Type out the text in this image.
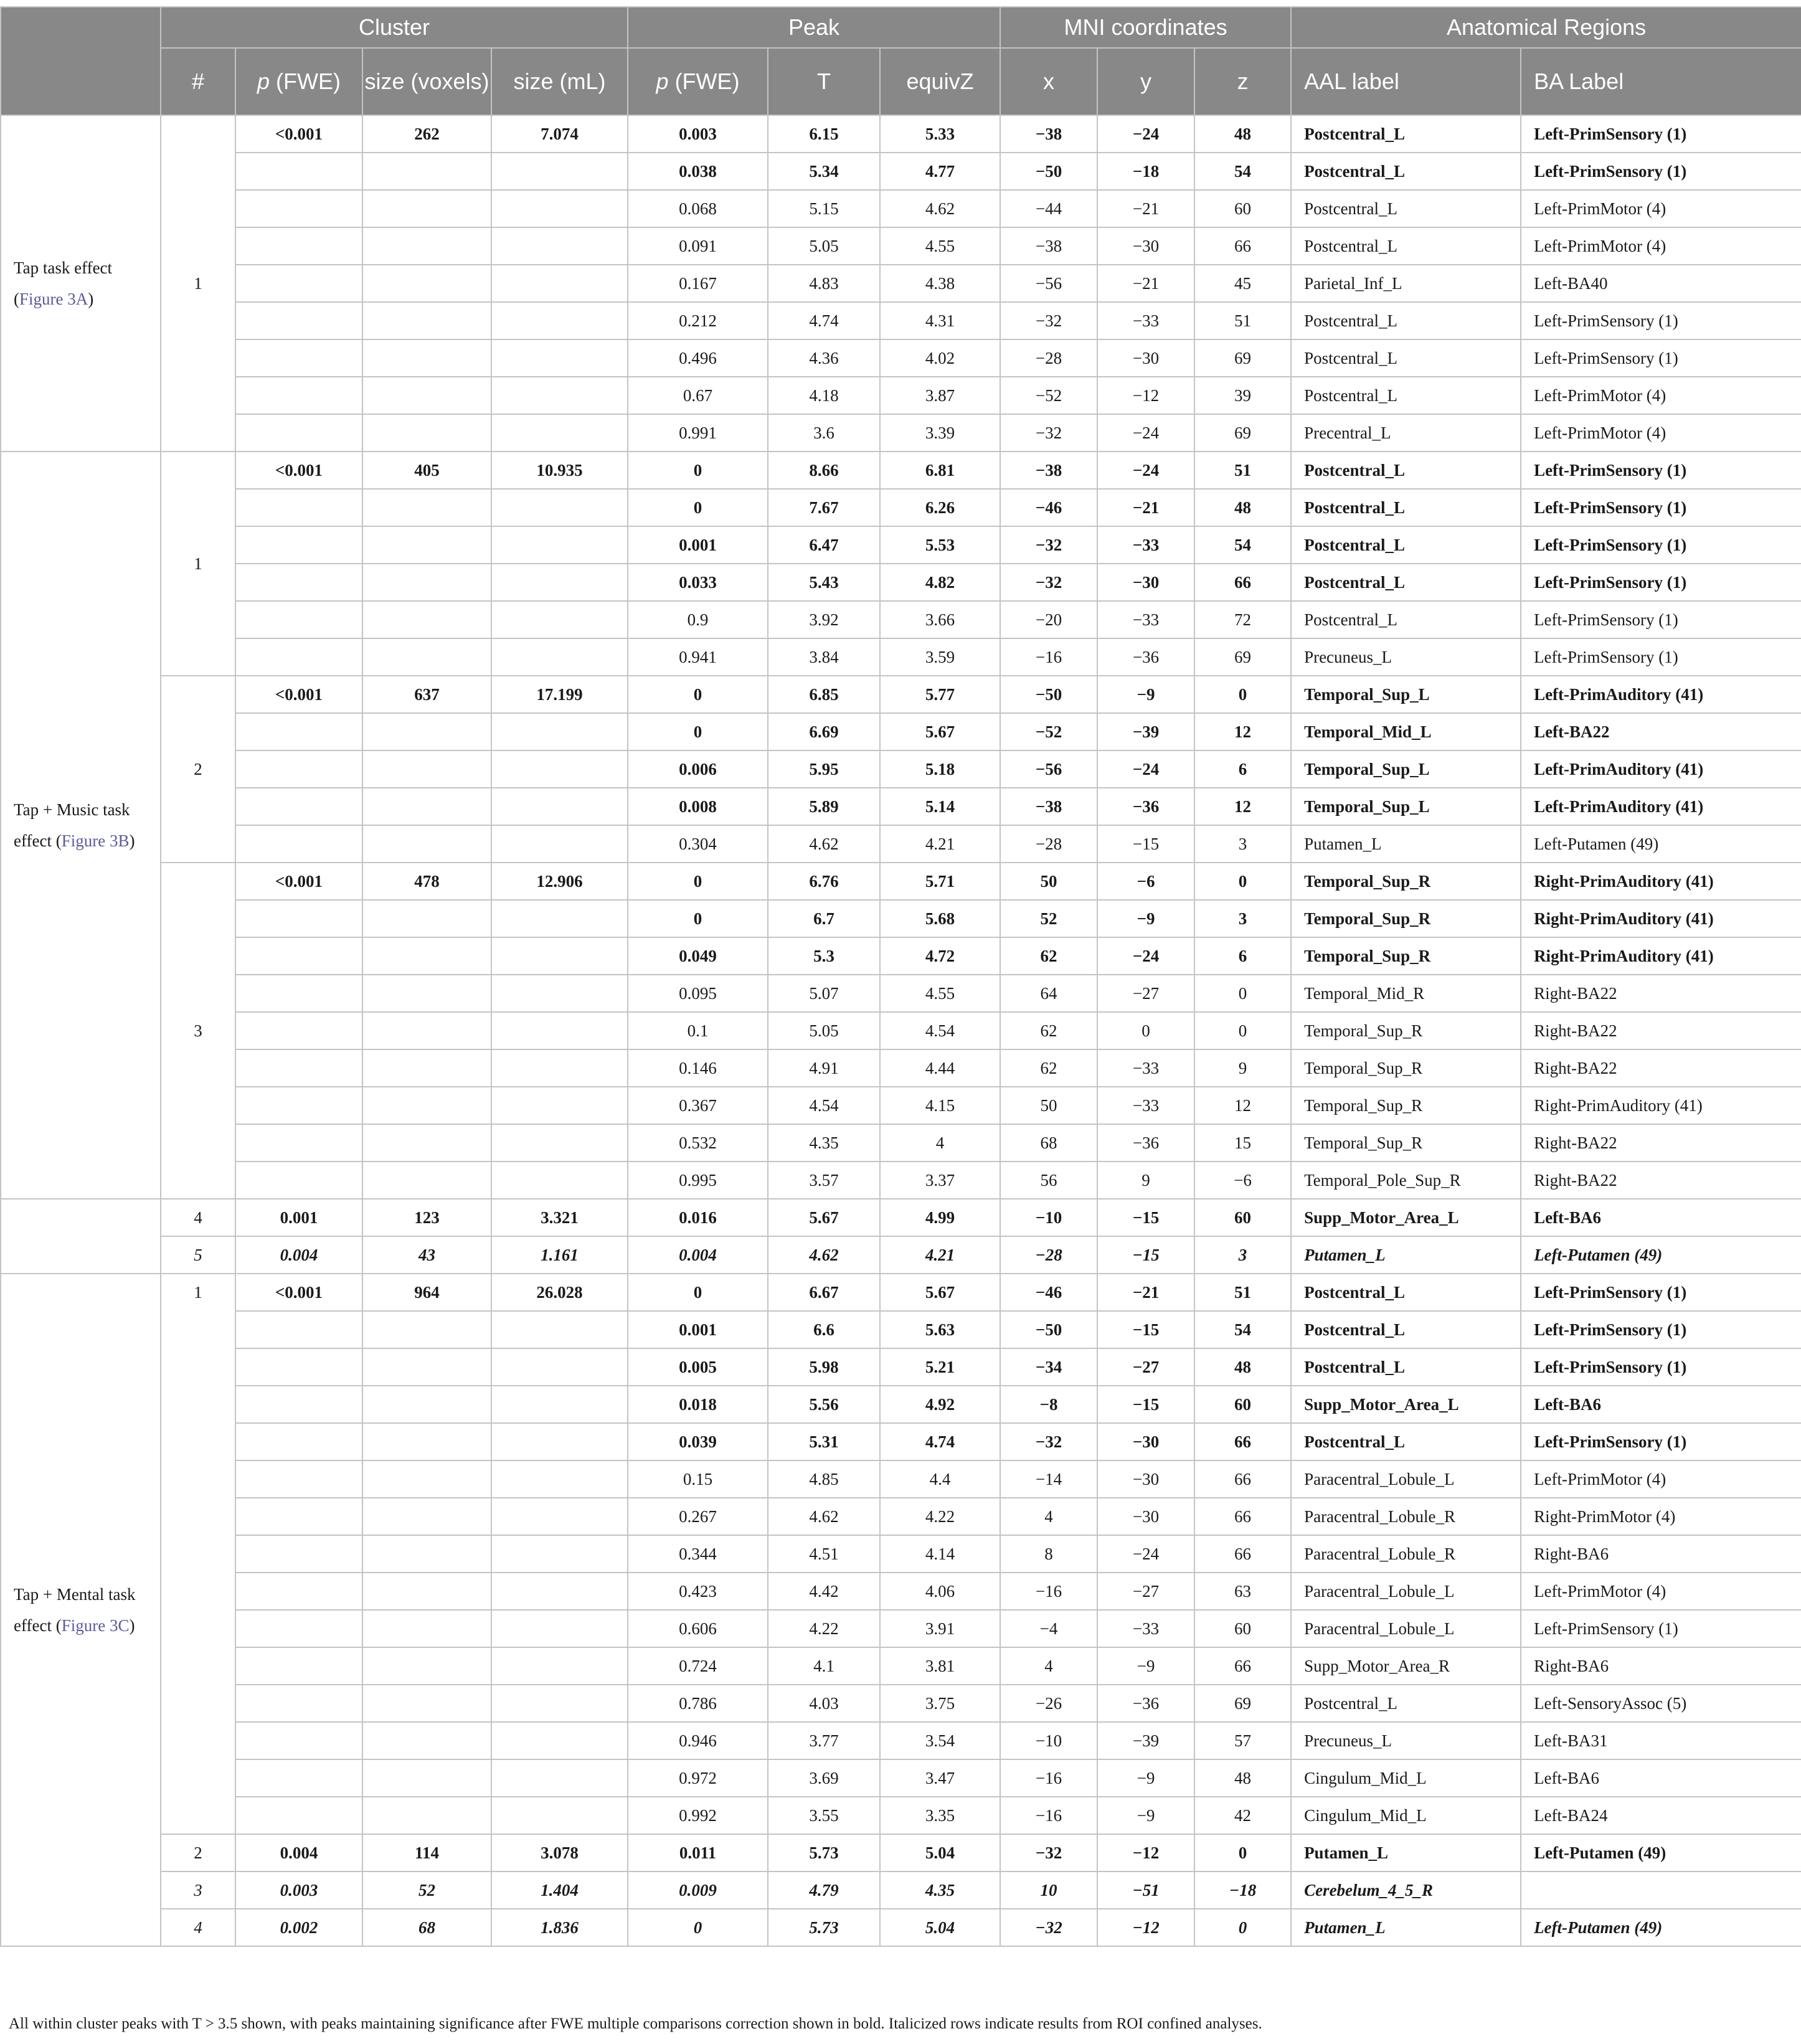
	Cluster				Peak			MNI coordinates			Anatomical Regions	
	#	p (FWE)	size (voxels)	size (mL)	p (FWE)	T	equivZ	x	y	z	AAL label	BA Label
Tap task effect (Figure 3A)	1	<0.001	262	7.074	0.003	6.15	5.33	−38	−24	48	Postcentral_L	Left-PrimSensory (1)
					0.038	5.34	4.77	−50	−18	54	Postcentral_L	Left-PrimSensory (1)
					0.068	5.15	4.62	−44	−21	60	Postcentral_L	Left-PrimMotor (4)
					0.091	5.05	4.55	−38	−30	66	Postcentral_L	Left-PrimMotor (4)
					0.167	4.83	4.38	−56	−21	45	Parietal_Inf_L	Left-BA40
					0.212	4.74	4.31	−32	−33	51	Postcentral_L	Left-PrimSensory (1)
					0.496	4.36	4.02	−28	−30	69	Postcentral_L	Left-PrimSensory (1)
					0.67	4.18	3.87	−52	−12	39	Postcentral_L	Left-PrimMotor (4)
					0.991	3.6	3.39	−32	−24	69	Precentral_L	Left-PrimMotor (4)
Tap + Music task effect (Figure 3B)	1	<0.001	405	10.935	0	8.66	6.81	−38	−24	51	Postcentral_L	Left-PrimSensory (1)
					0	7.67	6.26	−46	−21	48	Postcentral_L	Left-PrimSensory (1)
					0.001	6.47	5.53	−32	−33	54	Postcentral_L	Left-PrimSensory (1)
					0.033	5.43	4.82	−32	−30	66	Postcentral_L	Left-PrimSensory (1)
					0.9	3.92	3.66	−20	−33	72	Postcentral_L	Left-PrimSensory (1)
					0.941	3.84	3.59	−16	−36	69	Precuneus_L	Left-PrimSensory (1)
	2	<0.001	637	17.199	0	6.85	5.77	−50	−9	0	Temporal_Sup_L	Left-PrimAuditory (41)
					0	6.69	5.67	−52	−39	12	Temporal_Mid_L	Left-BA22
					0.006	5.95	5.18	−56	−24	6	Temporal_Sup_L	Left-PrimAuditory (41)
					0.008	5.89	5.14	−38	−36	12	Temporal_Sup_L	Left-PrimAuditory (41)
					0.304	4.62	4.21	−28	−15	3	Putamen_L	Left-Putamen (49)
	3	<0.001	478	12.906	0	6.76	5.71	50	−6	0	Temporal_Sup_R	Right-PrimAuditory (41)
					0	6.7	5.68	52	−9	3	Temporal_Sup_R	Right-PrimAuditory (41)
					0.049	5.3	4.72	62	−24	6	Temporal_Sup_R	Right-PrimAuditory (41)
					0.095	5.07	4.55	64	−27	0	Temporal_Mid_R	Right-BA22
					0.1	5.05	4.54	62	0	0	Temporal_Sup_R	Right-BA22
					0.146	4.91	4.44	62	−33	9	Temporal_Sup_R	Right-BA22
					0.367	4.54	4.15	50	−33	12	Temporal_Sup_R	Right-PrimAuditory (41)
					0.532	4.35	4	68	−36	15	Temporal_Sup_R	Right-BA22
					0.995	3.57	3.37	56	9	−6	Temporal_Pole_Sup_R	Right-BA22
	4	0.001	123	3.321	0.016	5.67	4.99	−10	−15	60	Supp_Motor_Area_L	Left-BA6
	5	0.004	43	1.161	0.004	4.62	4.21	−28	−15	3	Putamen_L	Left-Putamen (49)
Tap + Mental task effect (Figure 3C)	1	<0.001	964	26.028	0	6.67	5.67	−46	−21	51	Postcentral_L	Left-PrimSensory (1)
					0.001	6.6	5.63	−50	−15	54	Postcentral_L	Left-PrimSensory (1)
					0.005	5.98	5.21	−34	−27	48	Postcentral_L	Left-PrimSensory (1)
					0.018	5.56	4.92	−8	−15	60	Supp_Motor_Area_L	Left-BA6
					0.039	5.31	4.74	−32	−30	66	Postcentral_L	Left-PrimSensory (1)
					0.15	4.85	4.4	−14	−30	66	Paracentral_Lobule_L	Left-PrimMotor (4)
					0.267	4.62	4.22	4	−30	66	Paracentral_Lobule_R	Right-PrimMotor (4)
					0.344	4.51	4.14	8	−24	66	Paracentral_Lobule_R	Right-BA6
					0.423	4.42	4.06	−16	−27	63	Paracentral_Lobule_L	Left-PrimMotor (4)
					0.606	4.22	3.91	−4	−33	60	Paracentral_Lobule_L	Left-PrimSensory (1)
					0.724	4.1	3.81	4	−9	66	Supp_Motor_Area_R	Right-BA6
					0.786	4.03	3.75	−26	−36	69	Postcentral_L	Left-SensoryAssoc (5)
					0.946	3.77	3.54	−10	−39	57	Precuneus_L	Left-BA31
					0.972	3.69	3.47	−16	−9	48	Cingulum_Mid_L	Left-BA6
					0.992	3.55	3.35	−16	−9	42	Cingulum_Mid_L	Left-BA24
	2	0.004	114	3.078	0.011	5.73	5.04	−32	−12	0	Putamen_L	Left-Putamen (49)
	3	0.003	52	1.404	0.009	4.79	4.35	10	−51	−18	Cerebelum_4_5_R	
	4	0.002	68	1.836	0	5.73	5.04	−32	−12	0	Putamen_L	Left-Putamen (49)
All within cluster peaks with T > 3.5 shown, with peaks maintaining significance after FWE multiple comparisons correction shown in bold. Italicized rows indicate results from ROI confined analyses.
